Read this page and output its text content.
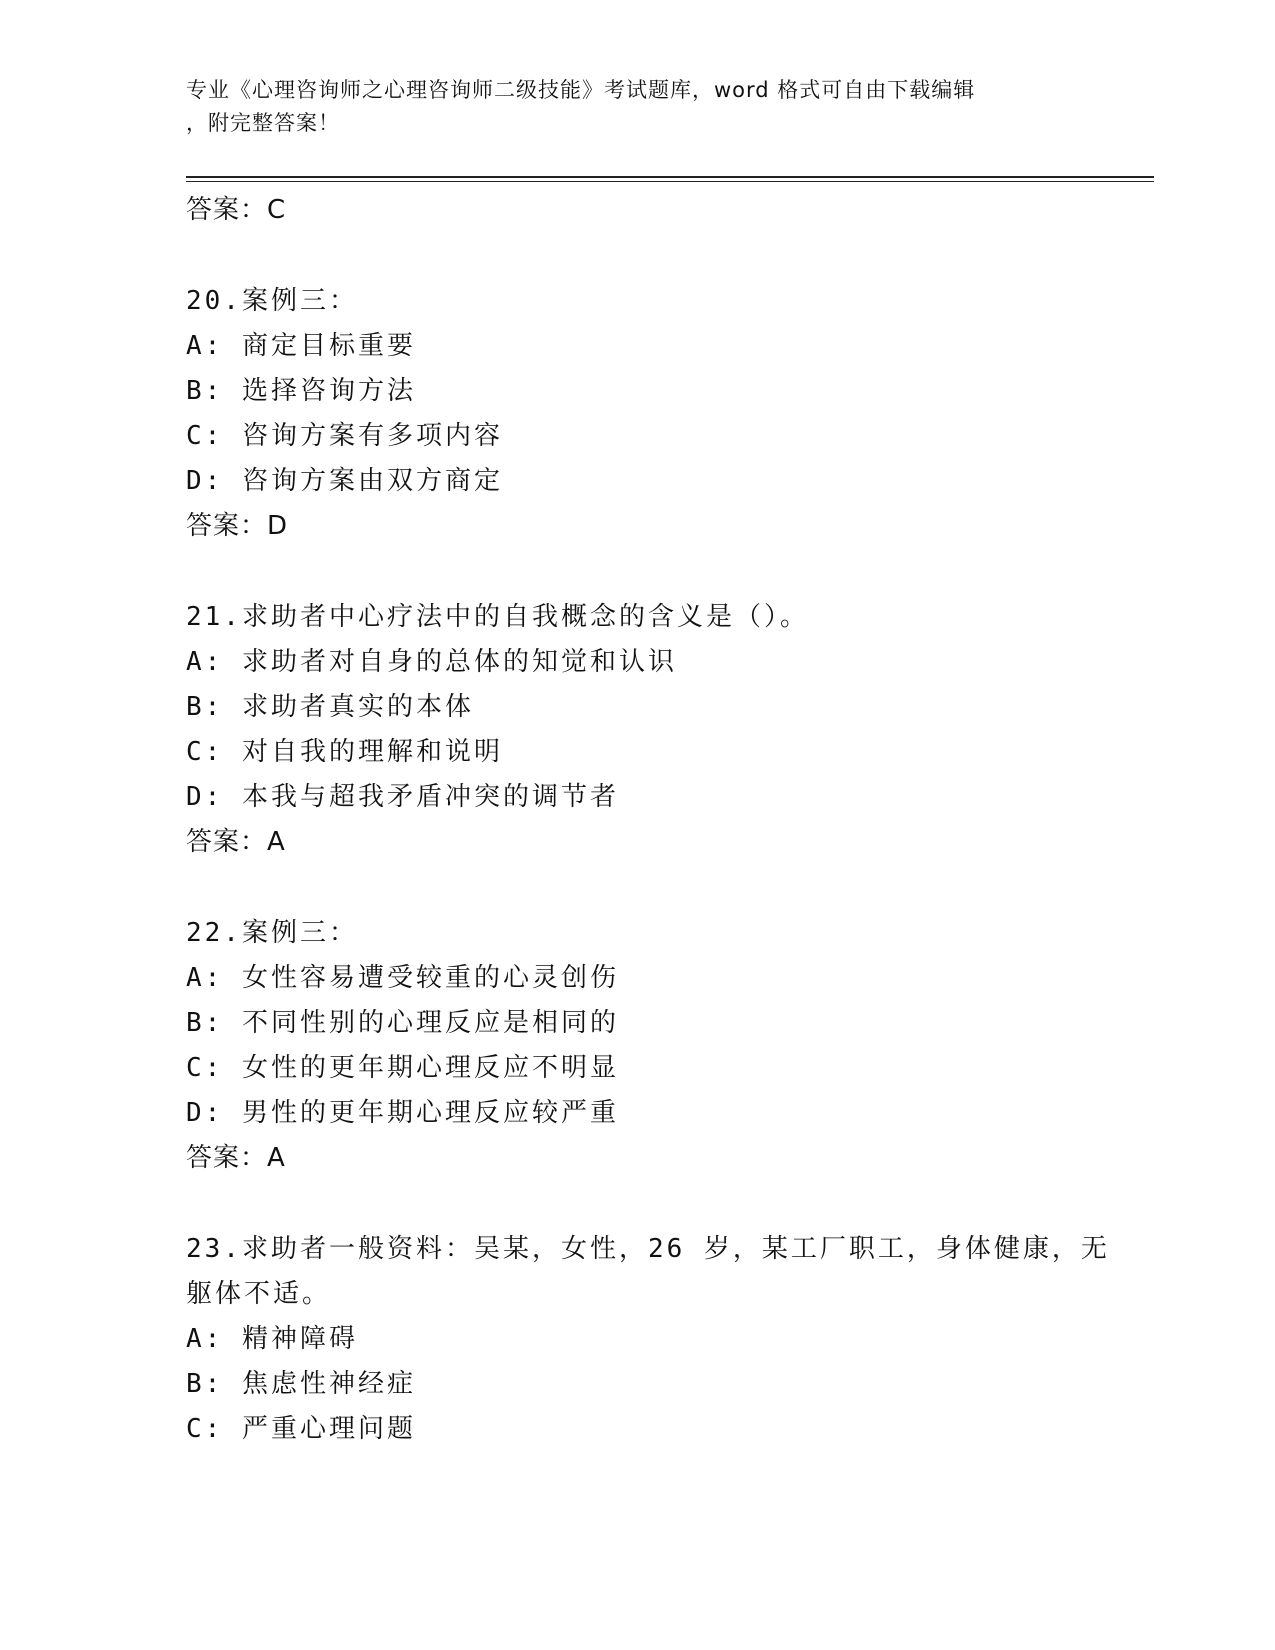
专业《心理咨询师之心理咨询师二级技能》考试题库，word 格式可自由下载编辑
，附完整答案！
答案：C
20.案例三：
A: 商定目标重要
B: 选择咨询方法
C: 咨询方案有多项内容
D: 咨询方案由双方商定
答案：D
21.求助者中心疗法中的自我概念的含义是（）。
A: 求助者对自身的总体的知觉和认识
B: 求助者真实的本体
C: 对自我的理解和说明
D: 本我与超我矛盾冲突的调节者
答案：A
22.案例三：
A: 女性容易遭受较重的心灵创伤
B: 不同性别的心理反应是相同的
C: 女性的更年期心理反应不明显
D: 男性的更年期心理反应较严重
答案：A
23.求助者一般资料：吴某，女性，26 岁，某工厂职工，身体健康，无
躯体不适。
A: 精神障碍
B: 焦虑性神经症
C: 严重心理问题
